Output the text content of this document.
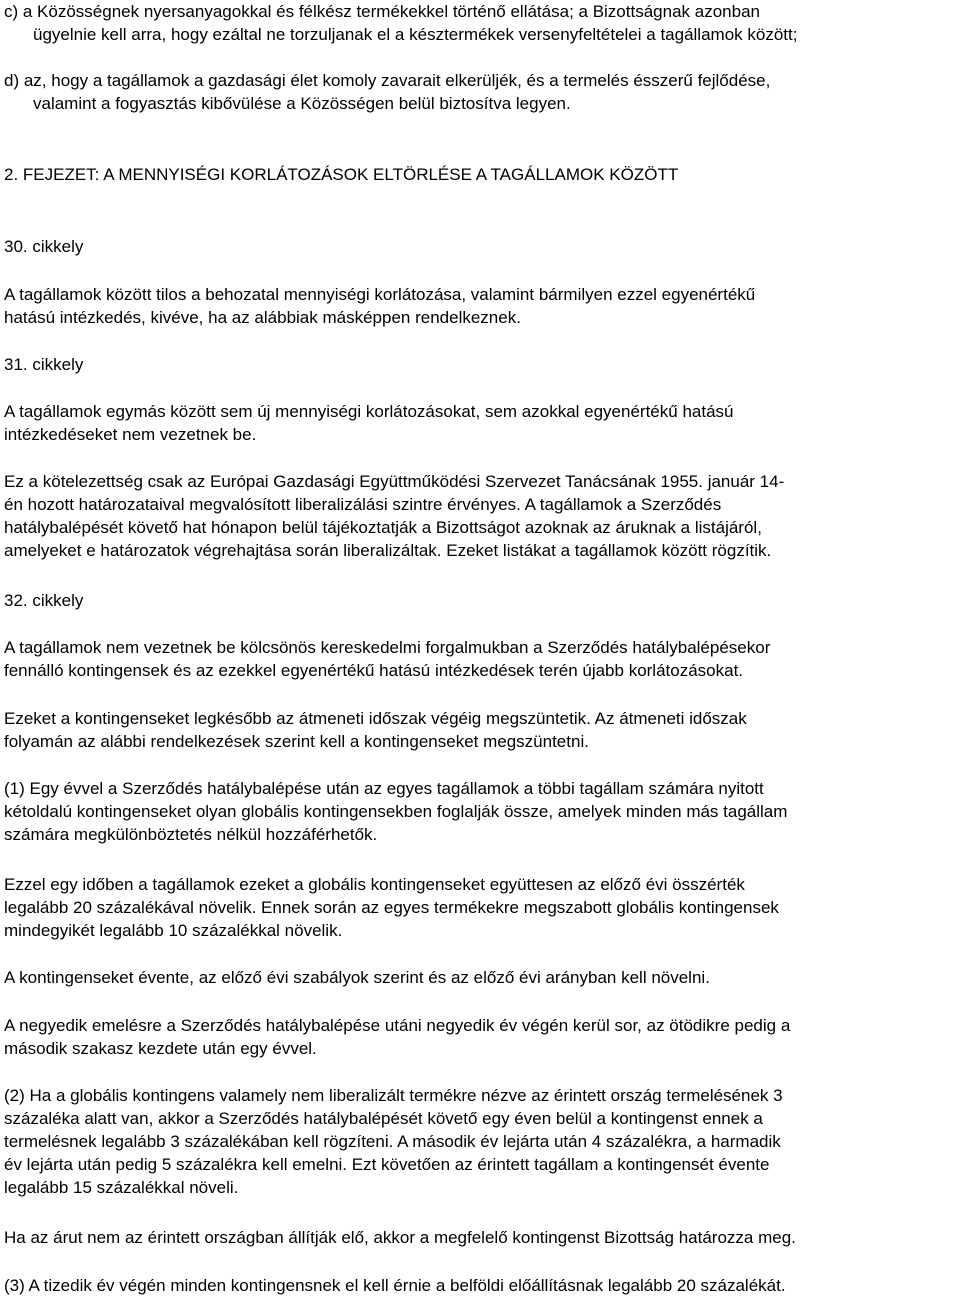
c) a Közösségnek nyersanyagokkal és félkész termékekkel történő ellátása; a Bizottságnak azonban
ügyelnie kell arra, hogy ezáltal ne torzuljanak el a késztermékek versenyfeltételei a tagállamok között;
d) az, hogy a tagállamok a gazdasági élet komoly zavarait elkerüljék, és a termelés ésszerű fejlődése,
valamint a fogyasztás kibővülése a Közösségen belül biztosítva legyen.
2. FEJEZET: A MENNYISÉGI KORLÁTOZÁSOK ELTÖRLÉSE A TAGÁLLAMOK KÖZÖTT
30. cikkely
A tagállamok között tilos a behozatal mennyiségi korlátozása, valamint bármilyen ezzel egyenértékű
hatású intézkedés, kivéve, ha az alábbiak másképpen rendelkeznek.
31. cikkely
A tagállamok egymás között sem új mennyiségi korlátozásokat, sem azokkal egyenértékű hatású
intézkedéseket nem vezetnek be.
Ez a kötelezettség csak az Európai Gazdasági Együttműködési Szervezet Tanácsának 1955. január 14-
én hozott határozataival megvalósított liberalizálási szintre érvényes. A tagállamok a Szerződés
hatálybalépését követő hat hónapon belül tájékoztatják a Bizottságot azoknak az áruknak a listájáról,
amelyeket e határozatok végrehajtása során liberalizáltak. Ezeket listákat a tagállamok között rögzítik.
32. cikkely
A tagállamok nem vezetnek be kölcsönös kereskedelmi forgalmukban a Szerződés hatálybalépésekor
fennálló kontingensek és az ezekkel egyenértékű hatású intézkedések terén újabb korlátozásokat.
Ezeket a kontingenseket legkésőbb az átmeneti időszak végéig megszüntetik. Az átmeneti időszak
folyamán az alábbi rendelkezések szerint kell a kontingenseket megszüntetni.
(1) Egy évvel a Szerződés hatálybalépése után az egyes tagállamok a többi tagállam számára nyitott
kétoldalú kontingenseket olyan globális kontingensekben foglalják össze, amelyek minden más tagállam
számára megkülönböztetés nélkül hozzáférhetők.
Ezzel egy időben a tagállamok ezeket a globális kontingenseket együttesen az előző évi összérték
legalább 20 százalékával növelik. Ennek során az egyes termékekre megszabott globális kontingensek
mindegyikét legalább 10 százalékkal növelik.
A kontingenseket évente, az előző évi szabályok szerint és az előző évi arányban kell növelni.
A negyedik emelésre a Szerződés hatálybalépése utáni negyedik év végén kerül sor, az ötödikre pedig a
második szakasz kezdete után egy évvel.
(2) Ha a globális kontingens valamely nem liberalizált termékre nézve az érintett ország termelésének 3
százaléka alatt van, akkor a Szerződés hatálybalépését követő egy éven belül a kontingenst ennek a
termelésnek legalább 3 százalékában kell rögzíteni. A második év lejárta után 4 százalékra, a harmadik
év lejárta után pedig 5 százalékra kell emelni. Ezt követően az érintett tagállam a kontingensét évente
legalább 15 százalékkal növeli.
Ha az árut nem az érintett országban állítják elő, akkor a megfelelő kontingenst Bizottság határozza meg.
(3) A tizedik év végén minden kontingensnek el kell érnie a belföldi előállításnak legalább 20 százalékát.
